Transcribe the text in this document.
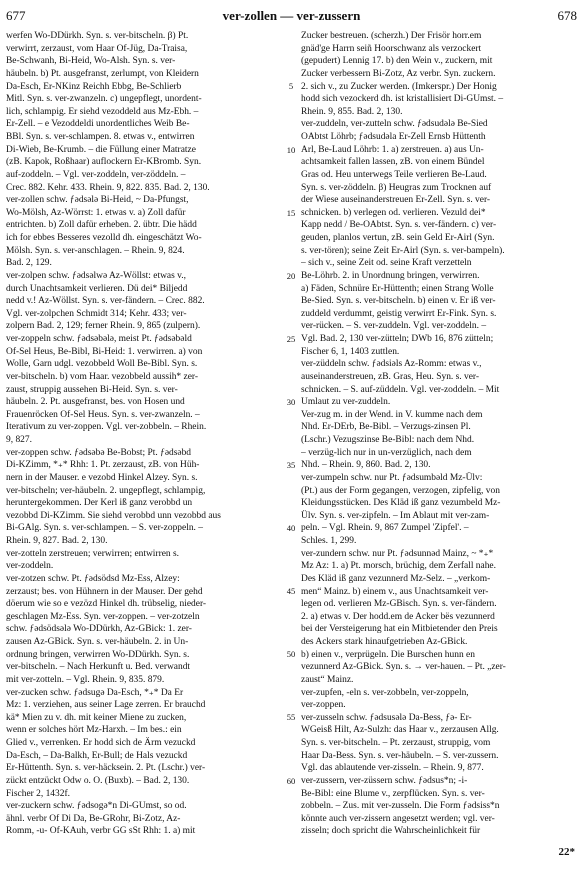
677	ver-zollen — ver-zussern	678
werfen Wo-DDürkh. Syn. s. ver-bitscheln. β) Pt.
verwirrt, zerzaust, vom Haar Of-Jüg, Da-Traisa,
Be-Schwanh, Bi-Heid, Wo-Alsh. Syn. s. ver-
häubeln. b) Pt. ausgefranst, zerlumpt, von Kleidern
Da-Esch, Er-NKinz Reichh Ebbg, Be-Schlierb
Mitl. Syn. s. ver-zwanzeln. c) ungepflegt, unordent-
lich, schlampig. Er siehd vezoddeld aus Mz-Ebh. –
Er-Zell. – e Vezoddeldi unordentliches Weib Be-
BBl. Syn. s. ver-schlampen. 8. etwas v., entwirren
Di-Wieb, Be-Krumb. – die Füllung einer Matratze
(zB. Kapok, Roßhaar) auflockern Er-KBromb. Syn.
auf-zoddeln. – Vgl. ver-zoddeln, ver-zöddeln. –
Crec. 882. Kehr. 433. Rhein. 9, 822. 835. Bad. 2, 130.
ver-zollen schw. ƒədsələ Bi-Heid, ~ Da-Pfungst,
Wo-Mölsh, Az-Wörrst: 1. etwas v. a) Zoll dafür
entrichten. b) Zoll dafür erheben. 2. übtr. Die hädd
ich for ebbes Besseres vezolld dh. eingeschätzt Wo-
Mölsh. Syn. s. ver-anschlagen. – Rhein. 9, 824.
Bad. 2, 129.
ver-zolpen schw. ƒədsəlwə Az-Wöllst: etwas v.,
durch Unachtsamkeit verlieren. Dü dei* Biljedd
nedd v.! Az-Wöllst. Syn. s. ver-fändern. – Crec. 882.
Vgl. ver-zolpchen Schmidt 314; Kehr. 433; ver-
zolpern Bad. 2, 129; ferner Rhein. 9, 865 (zulpern).
ver-zoppeln schw. ƒədsəbələ, meist Pt. ƒədsəbəld
Of-Sel Heus, Be-Bibl, Bi-Heid: 1. verwirren. a) von
Wolle, Garn udgl. vezobbeld Woll Be-Bibl. Syn. s.
ver-bitscheln. b) vom Haar. vezobbeld aussih* zer-
zaust, struppig aussehen Bi-Heid. Syn. s. ver-
häubeln. 2. Pt. ausgefranst, bes. von Hosen und
Frauenröcken Of-Sel Heus. Syn. s. ver-zwanzeln. –
Iterativum zu ver-zoppen. Vgl. ver-zobbeln. – Rhein.
9, 827.
ver-zoppen schw. ƒədsəbə Be-Bobst; Pt. ƒədsəbd
Di-KZimm, *₊* Rhh: 1. Pt. zerzaust, zB. von Hüh-
nern in der Mauser. e vezobd Hinkel Alzey. Syn. s.
ver-bitscheln; ver-häubeln. 2. ungepflegt, schlampig,
heruntergekommen. Der Kerl iß ganz verobbd un
vezobbd Di-KZimm. Sie siehd verobbd unn vezobbd aus
Bi-GAlg. Syn. s. ver-schlampen. – S. ver-zoppeln. –
Rhein. 9, 827. Bad. 2, 130.
ver-zotteln zerstreuen; verwirren; entwirren s.
ver-zoddeln.
ver-zotzen schw. Pt. ƒədsödsd Mz-Ess, Alzey:
zerzaust; bes. von Hühnern in der Mauser. Der gehd
döerum wie so e vezözd Hinkel dh. trübselig, nieder-
geschlagen Mz-Ess. Syn. ver-zoppen. – ver-zotzeln
schw. ƒədsödsələ Wo-DDürkh, Az-GBick: 1. zer-
zausen Az-GBick. Syn. s. ver-häubeln. 2. in Un-
ordnung bringen, verwirren Wo-DDürkh. Syn. s.
ver-bitscheln. – Nach Herkunft u. Bed. verwandt
mit ver-zotteln. – Vgl. Rhein. 9, 835. 879.
ver-zucken schw. ƒədsugə Da-Esch, *₊* Da Er
Mz: 1. verziehen, aus seiner Lage zerren. Er brauchd
kä* Mien zu v. dh. mit keiner Miene zu zucken,
wenn er solches hört Mz-Harxh. – Im bes.: ein
Glied v., verrenken. Er hodd sich de Ärm vezuckd
Da-Esch, – Da-Balkh, Er-Bull; de Hals vezuckd
Er-Hüttenth. Syn. s. ver-häcksein. 2. Pt. (Lschr.) ver-
zückt entzückt Odw o. O. (Buxb). – Bad. 2, 130.
Fischer 2, 1432f.
ver-zuckern schw. ƒədsogə*n Di-GUmst, so od.
ähnl. verbr Of Di Da, Be-GRohr, Bi-Zotz, Az-
Romm, -u- Of-KAuh, verbr GG sSt Rhh: 1. a) mit
5
10
15
20
25
30
35
40
45
50
55
60
Zucker bestreuen. (scherzh.) Der Frisör horr.em
gnäd'ge Harrn seiñ Hoorschwanz als verzockert
(gepudert) Lennig 17. b) den Wein v., zuckern, mit
Zucker verbessern Bi-Zotz, Az verbr. Syn. zuckern.
2. sich v., zu Zucker werden. (Imkerspr.) Der Honig
hodd sich vezockerd dh. ist kristallisiert Di-GUmst. –
Rhein. 9, 855. Bad. 2, 130.
ver-zuddeln, ver-zutteln schw. ƒədsudələ Be-Sied
OAbtst Löhrb; ƒədsudəla Er-Zell Ernsb Hüttenth
Arl, Be-Laud Löhrb: 1. a) zerstreuen. a) aus Un-
achtsamkeit fallen lassen, zB. von einem Bündel
Gras od. Heu unterwegs Teile verlieren Be-Laud.
Syn. s. ver-zöddeln. β) Heugras zum Trocknen auf
der Wiese auseinanderstreuen Er-Zell. Syn. s. ver-
schnicken. b) verlegen od. verlieren. Vezuld dei*
Kapp nedd / Be-OAbtst. Syn. s. ver-fändern. c) ver-
geuden, planlos vertun, zB. sein Geld Er-Airl (Syn.
s. ver-tören); seine Zeit Er-Airl (Syn. s. ver-bampeln).
– sich v., seine Zeit od. seine Kraft verzetteln
Be-Löhrb. 2. in Unordnung bringen, verwirren.
a) Fäden, Schnüre Er-Hüttenth; einen Strang Wolle
Be-Sied. Syn. s. ver-bitscheln. b) einen v. Er iß ver-
zuddeld verdummt, geistig verwirrt Er-Fink. Syn. s.
ver-rücken. – S. ver-zuddeln. Vgl. ver-zoddeln. –
Vgl. Bad. 2, 130 ver-zütteln; DWb 16, 876 zütteln;
Fischer 6, 1, 1403 zuttlen.
ver-züddeln schw. ƒədsiəls Az-Romm: etwas v.,
auseinanderstreuen, zB. Gras, Heu. Syn. s. ver-
schnicken. – S. auf-züddeln. Vgl. ver-zoddeln. – Mit
Umlaut zu ver-zuddeln.
Ver-zug m. in der Wend. in V. kumme nach dem
Nhd. Er-DErb, Be-Bibl. – Verzugs-zinsen Pl.
(Lschr.) Vezugszinse Be-Bibl: nach dem Nhd.
– verzüg-lich nur in un-verzüglich, nach dem
Nhd. – Rhein. 9, 860. Bad. 2, 130.
ver-zumpeln schw. nur Pt. ƒədsumbəld Mz-Ülv:
(Pt.) aus der Form gegangen, verzogen, zipfelig, von
Kleidungsstücken. Des Kläd iß ganz vezumbeld Mz-
Ülv. Syn. s. ver-zipfeln. – Im Ablaut mit ver-zam-
peln. – Vgl. Rhein. 9, 867 Zumpel 'Zipfel'. –
Schles. 1, 299.
ver-zundern schw. nur Pt. ƒədsunnəd Mainz, ~ *₊*
Mz Az: 1. a) Pt. morsch, brüchig, dem Zerfall nahe.
Des Kläd iß ganz vezunnerd Mz-Selz. – „verkom-
men“ Mainz. b) einem v., aus Unachtsamkeit ver-
legen od. verlieren Mz-GBisch. Syn. s. ver-fändern.
2. a) etwas v. Der hodd.em de Acker bës vezunnerd
bei der Versteigerung hat ein Mitbietender den Preis
des Ackers stark hinaufgetrieben Az-GBick.
b) einen v., verprügeln. Die Burschen hunn en
vezunnerd Az-GBick. Syn. s. → ver-hauen. – Pt. „zer-
zaust“ Mainz.
ver-zupfen, -eln s. ver-zobbeln, ver-zoppeln,
ver-zoppen.
ver-zusseln schw. ƒədsusələ Da-Bess, ƒə- Er-
WGeisß Hilt, Az-Sulzh: das Haar v., zerzausen Allg.
Syn. s. ver-bitscheln. – Pt. zerzaust, struppig, vom
Haar Da-Bess. Syn. s. ver-häubeln. – S. ver-zussern.
Vgl. das ablautende ver-zisseln. – Rhein. 9, 877.
ver-zussern, ver-züssern schw. ƒədsus*n; -i-
Be-Bibl: eine Blume v., zerpflücken. Syn. s. ver-
zobbeln. – Zus. mit ver-zusseln. Die Form ƒədsiss*n
könnte auch ver-zissern angesetzt werden; vgl. ver-
zisseln; doch spricht die Wahrscheinlichkeit für
22*
